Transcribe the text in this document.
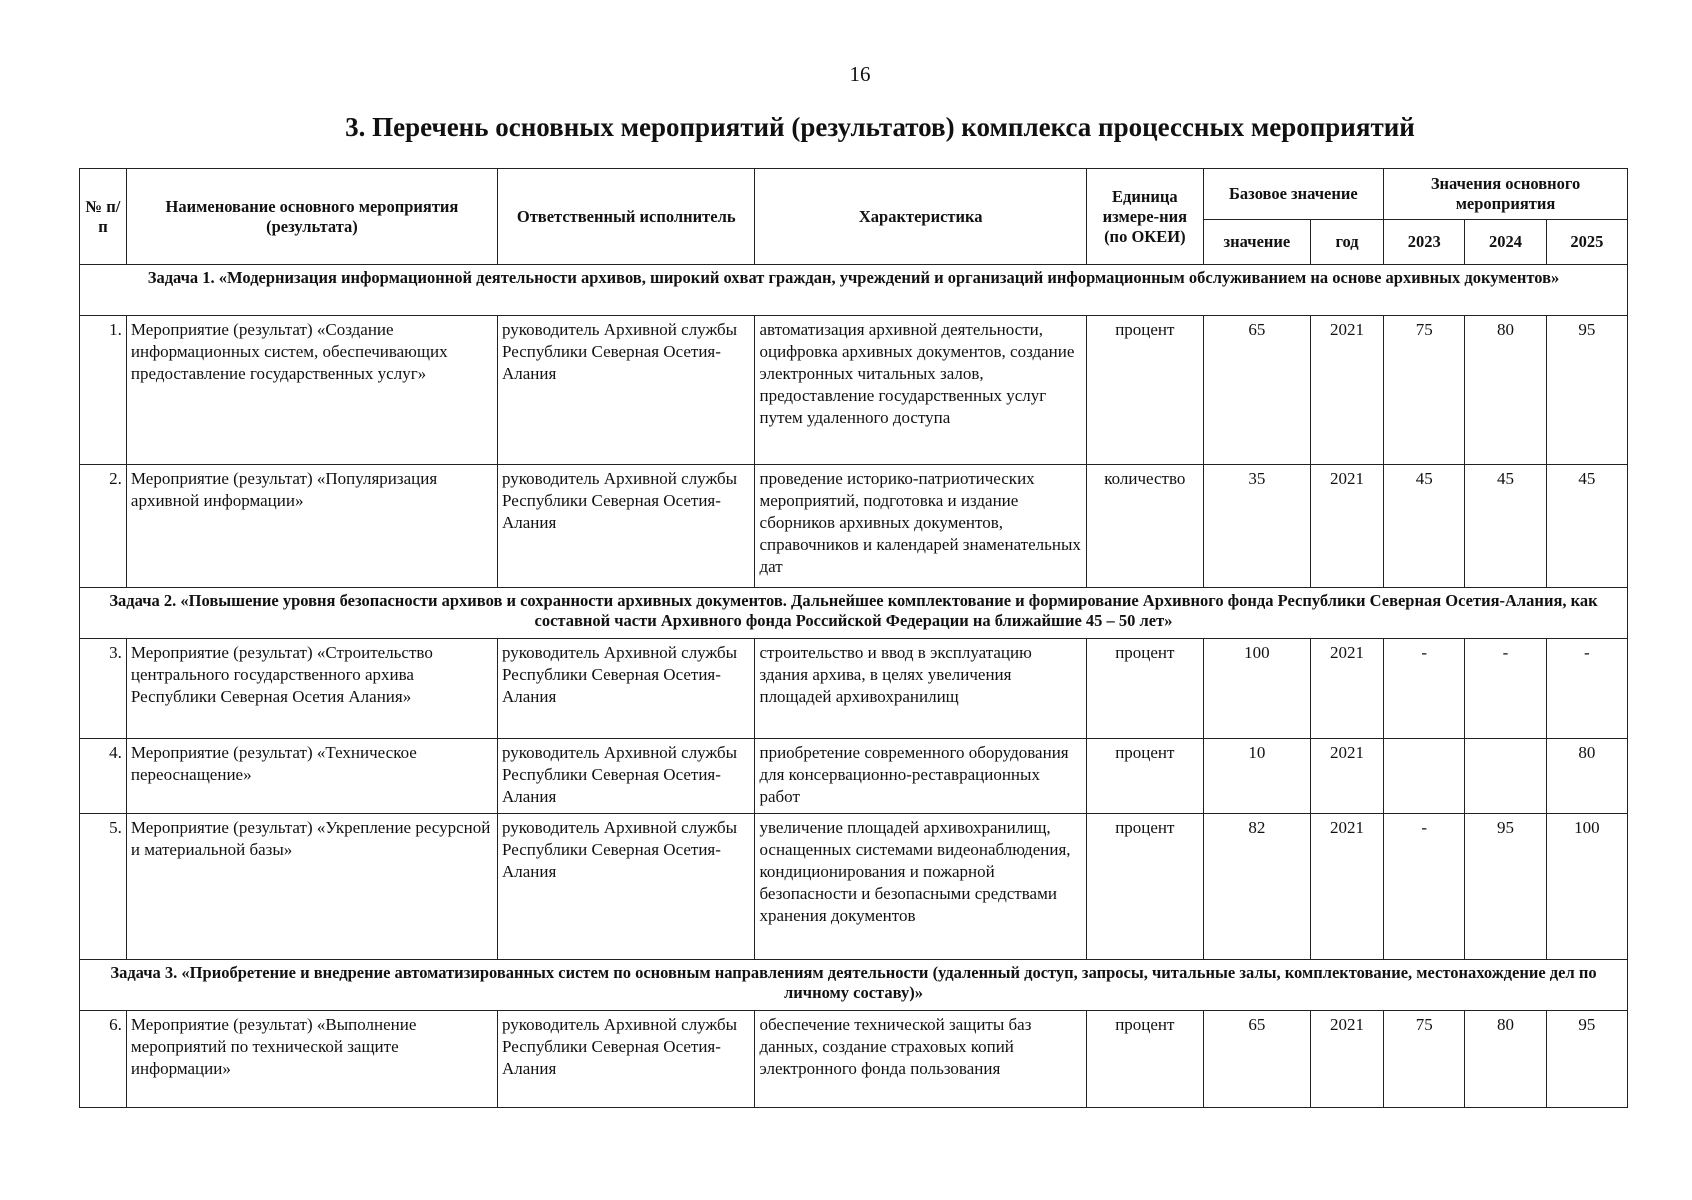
16
3. Перечень основных мероприятий (результатов) комплекса процессных мероприятий
№ п/п	Наименование основного мероприятия (результата)	Ответственный исполнитель	Характеристика	Единица измере-ния (по ОКЕИ)	Базовое значение		Значения основного мероприятия		
					значение	год	2023	2024	2025
Задача 1. «Модернизация информационной деятельности архивов, широкий охват граждан, учреждений и организаций информационным обслуживанием на основе архивных документов»									
1.	Мероприятие (результат) «Создание информационных систем, обеспечивающих предоставление государственных услуг»	руководитель Архивной службы Республики Северная Осетия-Алания	автоматизация архивной деятельности, оцифровка архивных документов, создание электронных читальных залов, предоставление государственных услуг путем удаленного доступа	процент	65	2021	75	80	95
2.	Мероприятие (результат) «Популяризация архивной информации»	руководитель Архивной службы Республики Северная Осетия-Алания	проведение историко-патриотических мероприятий, подготовка и издание сборников архивных документов, справочников и календарей знаменательных дат	количество	35	2021	45	45	45
Задача 2. «Повышение уровня безопасности архивов и сохранности архивных документов. Дальнейшее комплектование и формирование Архивного фонда Республики Северная Осетия-Алания, как составной части Архивного фонда Российской Федерации на ближайшие 45 – 50 лет»									
3.	Мероприятие (результат) «Строительство центрального государственного архива Республики Северная Осетия Алания»	руководитель Архивной службы Республики Северная Осетия-Алания	строительство и ввод в эксплуатацию здания архива, в целях увеличения площадей архивохранилищ	процент	100	2021	-	-	-
4.	Мероприятие (результат) «Техническое переоснащение»	руководитель Архивной службы Республики Северная Осетия-Алания	приобретение современного оборудования для консервационно-реставрационных работ	процент	10	2021			80
5.	Мероприятие (результат) «Укрепление ресурсной и материальной базы»	руководитель Архивной службы Республики Северная Осетия-Алания	увеличение площадей архивохранилищ, оснащенных системами видеонаблюдения, кондиционирования и пожарной безопасности и безопасными средствами хранения документов	процент	82	2021	-	95	100
Задача 3. «Приобретение и внедрение автоматизированных систем по основным направлениям деятельности (удаленный доступ, запросы, читальные залы, комплектование, местонахождение дел по личному составу)»									
6.	Мероприятие (результат) «Выполнение мероприятий по технической защите информации»	руководитель Архивной службы Республики Северная Осетия-Алания	обеспечение технической защиты баз данных, создание страховых копий электронного фонда пользования	процент	65	2021	75	80	95
